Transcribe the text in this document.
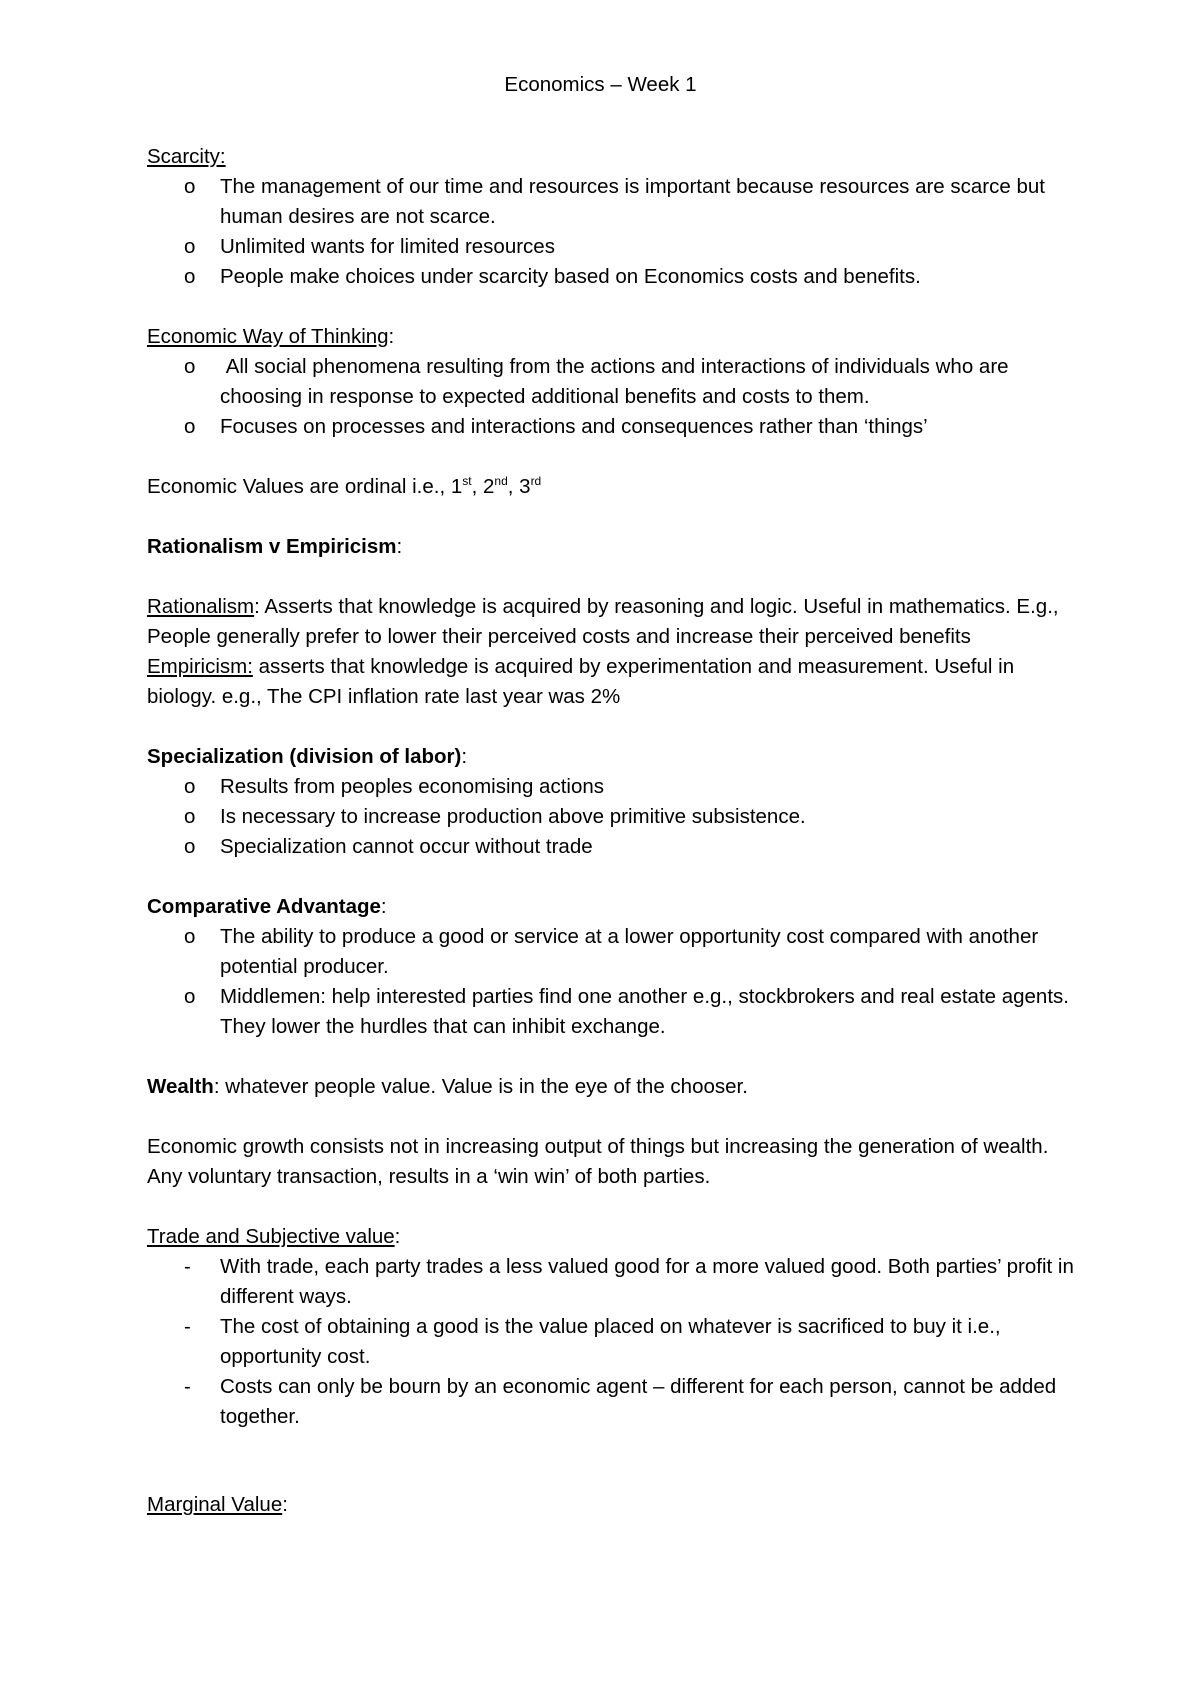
Economics – Week 1
Scarcity:
o The management of our time and resources is important because resources are scarce but human desires are not scarce.
o Unlimited wants for limited resources
o People make choices under scarcity based on Economics costs and benefits.
Economic Way of Thinking:
o All social phenomena resulting from the actions and interactions of individuals who are choosing in response to expected additional benefits and costs to them.
o Focuses on processes and interactions and consequences rather than ‘things’

Economic Values are ordinal i.e., 1st, 2nd, 3rd

Rationalism v Empiricism:

Rationalism: Asserts that knowledge is acquired by reasoning and logic. Useful in mathematics. E.g., People generally prefer to lower their perceived costs and increase their perceived benefits

Empiricism: asserts that knowledge is acquired by experimentation and measurement. Useful in biology. e.g., The CPI inflation rate last year was 2%

Specialization (division of labor):
o Results from peoples economising actions
o Is necessary to increase production above primitive subsistence.
o Specialization cannot occur without trade
Comparative Advantage:
o The ability to produce a good or service at a lower opportunity cost compared with another potential producer.
o Middlemen: help interested parties find one another e.g., stockbrokers and real estate agents. They lower the hurdles that can inhibit exchange.

Wealth: whatever people value. Value is in the eye of the chooser.

Economic growth consists not in increasing output of things but increasing the generation of wealth. Any voluntary transaction, results in a ‘win win’ of both parties.

Trade and Subjective value:
- With trade, each party trades a less valued good for a more valued good. Both parties’ profit in different ways.
- The cost of obtaining a good is the value placed on whatever is sacrificed to buy it i.e., opportunity cost.
- Costs can only be bourn by an economic agent – different for each person, cannot be added together.
Marginal Value:
